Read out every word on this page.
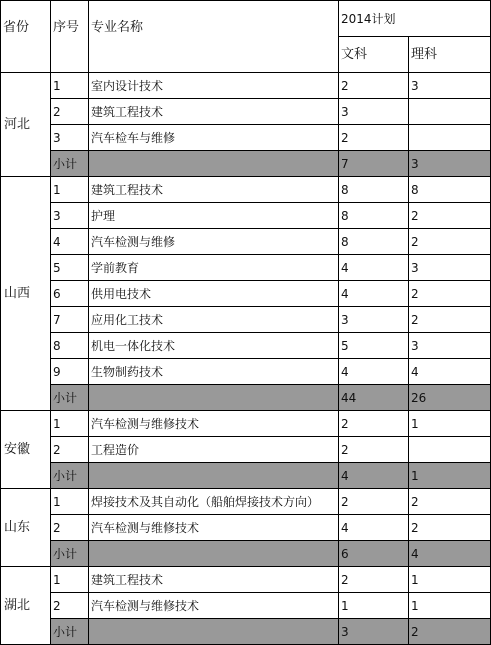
省份	序号	专业名称	2014计划	
			文科	理科
河北	1	室内设计技术	2	3
	2	建筑工程技术	3	
	3	汽车检车与维修	2	
	小计		7	3
山西	1	建筑工程技术	8	8
	3	护理	8	2
	4	汽车检测与维修	8	2
	5	学前教育	4	3
	6	供用电技术	4	2
	7	应用化工技术	3	2
	8	机电一体化技术	5	3
	9	生物制药技术	4	4
	小计		44	26
安徽	1	汽车检测与维修技术	2	1
	2	工程造价	2	
	小计		4	1
山东	1	焊接技术及其自动化（船舶焊接技术方向）	2	2
	2	汽车检测与维修技术	4	2
	小计		6	4
湖北	1	建筑工程技术	2	1
	2	汽车检测与维修技术	1	1
	小计		3	2
